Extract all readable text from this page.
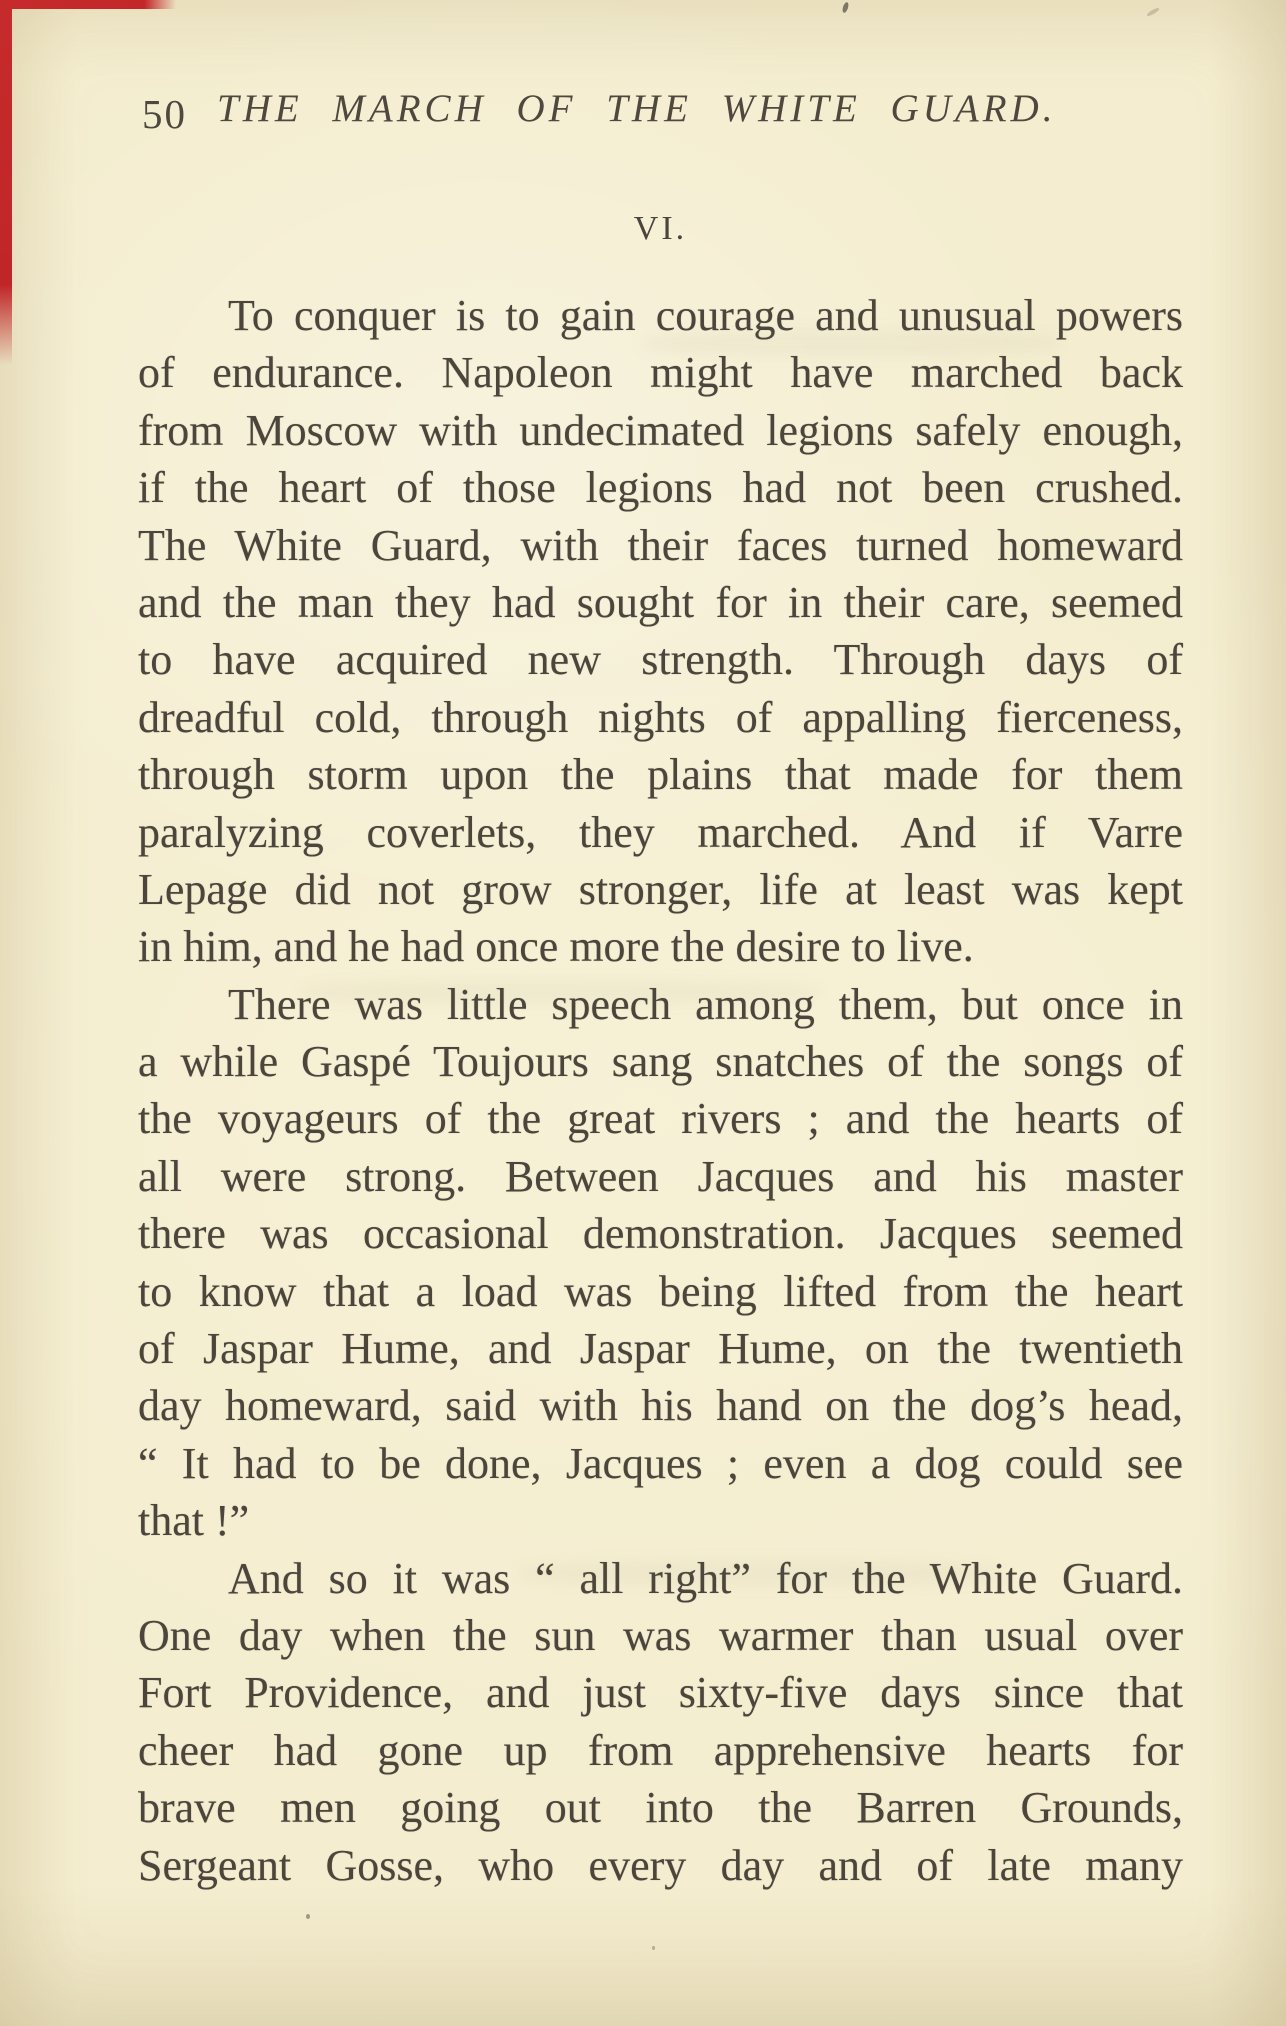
50 THE MARCH OF THE WHITE GUARD.
VI.
To conquer is to gain courage and unusual powers
of endurance. Napoleon might have marched back
from Moscow with undecimated legions safely enough,
if the heart of those legions had not been crushed.
The White Guard, with their faces turned homeward
and the man they had sought for in their care, seemed
to have acquired new strength. Through days of
dreadful cold, through nights of appalling fierceness,
through storm upon the plains that made for them
paralyzing coverlets, they marched. And if Varre
Lepage did not grow stronger, life at least was kept
in him, and he had once more the desire to live.
There was little speech among them, but once in
a while Gaspé Toujours sang snatches of the songs of
the voyageurs of the great rivers ; and the hearts of
all were strong. Between Jacques and his master
there was occasional demonstration. Jacques seemed
to know that a load was being lifted from the heart
of Jaspar Hume, and Jaspar Hume, on the twentieth
day homeward, said with his hand on the dog’s head,
“ It had to be done, Jacques ; even a dog could see
that !”
And so it was “ all right” for the White Guard.
One day when the sun was warmer than usual over
Fort Providence, and just sixty-five days since that
cheer had gone up from apprehensive hearts for
brave men going out into the Barren Grounds,
Sergeant Gosse, who every day and of late many
